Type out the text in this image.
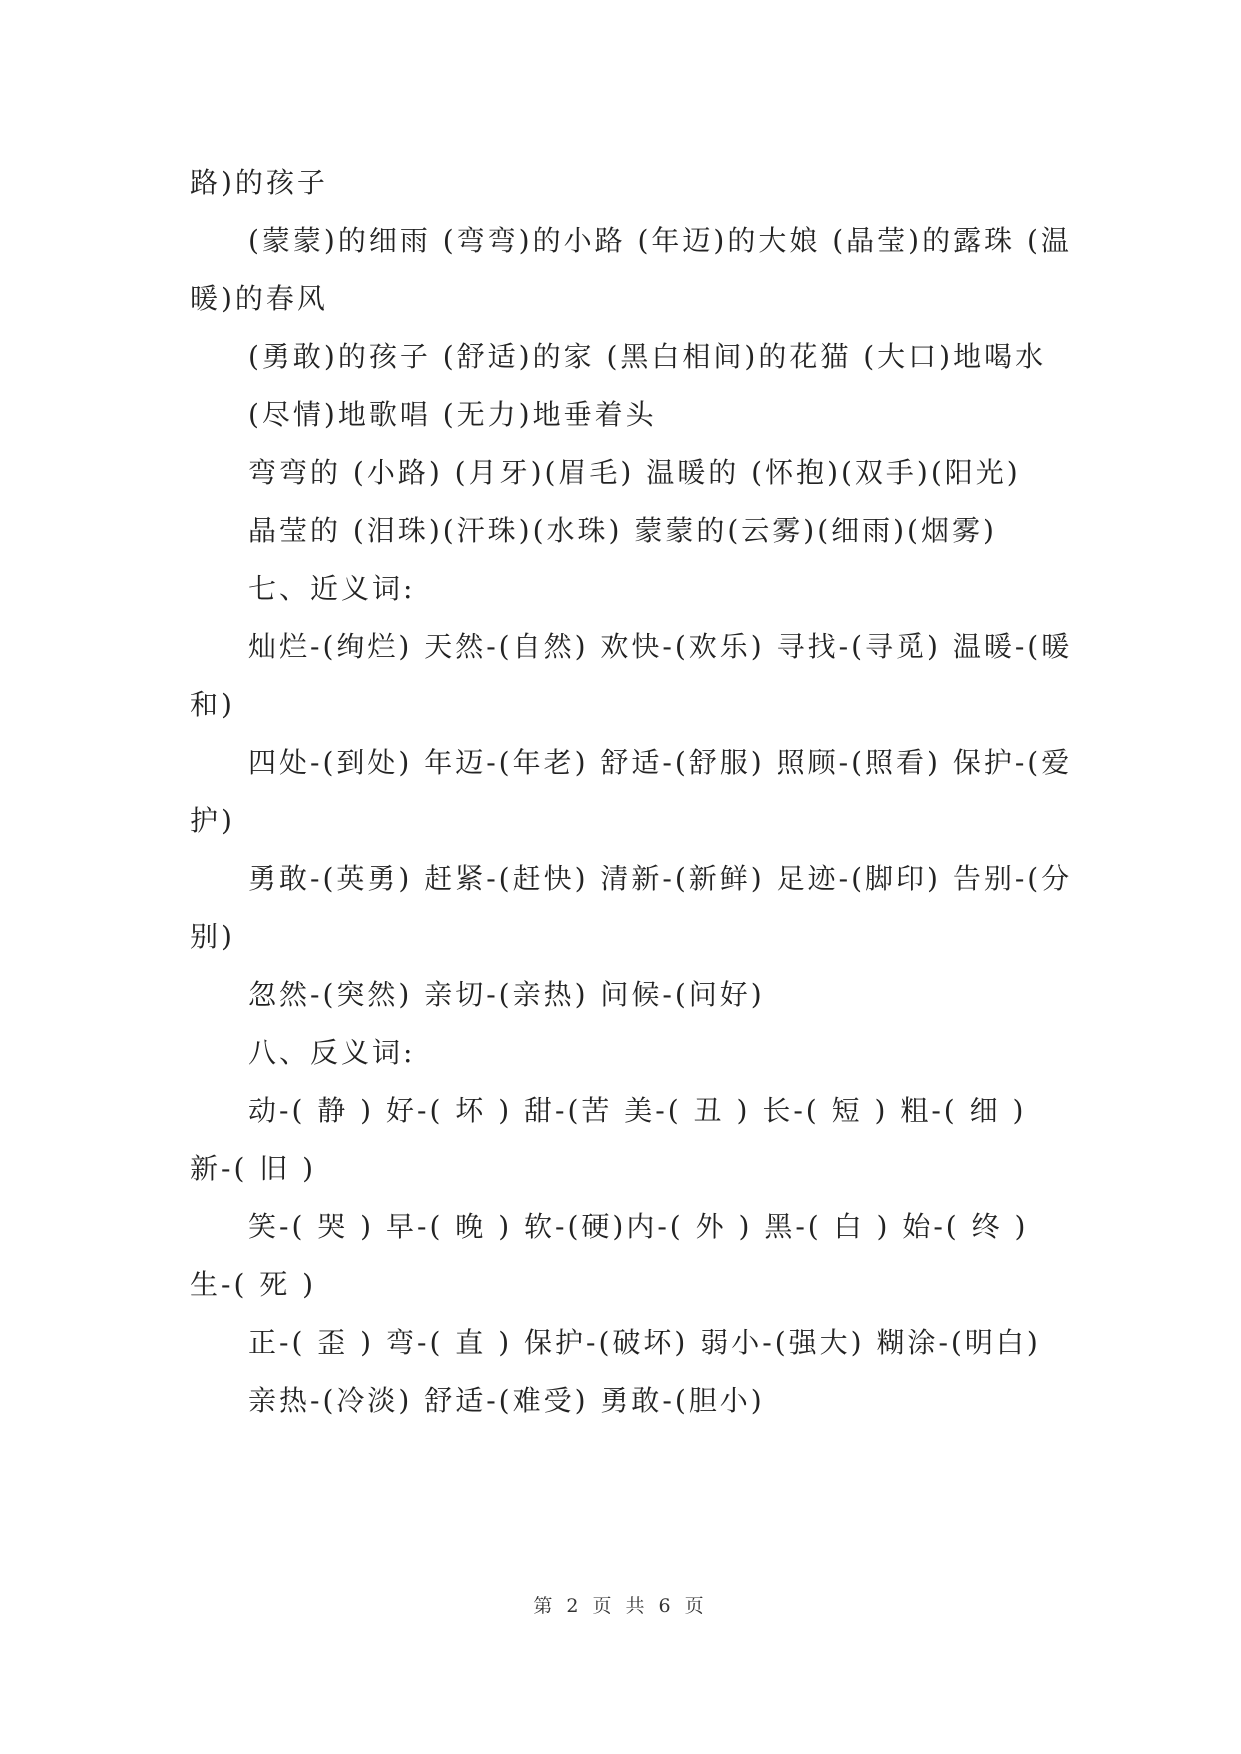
路)的孩子
(蒙蒙)的细雨 (弯弯)的小路 (年迈)的大娘 (晶莹)的露珠 (温
暖)的春风
(勇敢)的孩子 (舒适)的家 (黑白相间)的花猫 (大口)地喝水
(尽情)地歌唱 (无力)地垂着头
弯弯的 (小路) (月牙)(眉毛) 温暖的 (怀抱)(双手)(阳光)
晶莹的 (泪珠)(汗珠)(水珠) 蒙蒙的(云雾)(细雨)(烟雾)
七、近义词:
灿烂-(绚烂) 天然-(自然) 欢快-(欢乐) 寻找-(寻觅) 温暖-(暖
和)
四处-(到处) 年迈-(年老) 舒适-(舒服) 照顾-(照看) 保护-(爱
护)
勇敢-(英勇) 赶紧-(赶快) 清新-(新鲜) 足迹-(脚印) 告别-(分
别)
忽然-(突然) 亲切-(亲热) 问候-(问好)
八、反义词:
动-( 静 ) 好-( 坏 ) 甜-(苦 美-( 丑 ) 长-( 短 ) 粗-( 细 )
新-( 旧 )
笑-( 哭 ) 早-( 晚 ) 软-(硬)内-( 外 ) 黑-( 白 ) 始-( 终 )
生-( 死 )
正-( 歪 ) 弯-( 直 ) 保护-(破坏) 弱小-(强大) 糊涂-(明白)
亲热-(冷淡) 舒适-(难受) 勇敢-(胆小)
第 2 页 共 6 页
